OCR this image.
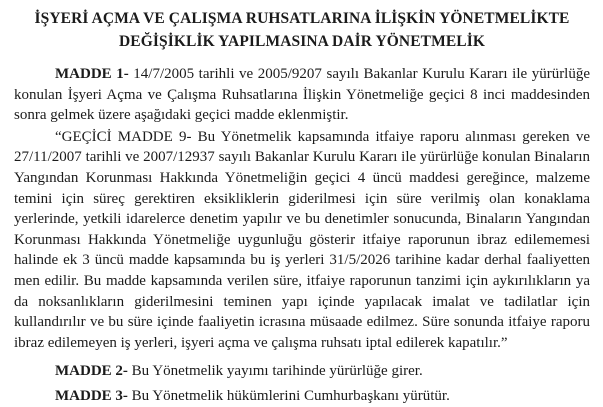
İŞYERİ AÇMA VE ÇALIŞMA RUHSATLARINA İLİŞKİN YÖNETMELİKTE
DEĞİŞİKLİK YAPILMASINA DAİR YÖNETMELİK

MADDE 1- 14/7/2005 tarihli ve 2005/9207 sayılı Bakanlar Kurulu Kararı ile yürürlüğe konulan İşyeri Açma ve Çalışma Ruhsatlarına İlişkin Yönetmeliğe geçici 8 inci maddesinden sonra gelmek üzere aşağıdaki geçici madde eklenmiştir.

“GEÇİCİ MADDE 9- Bu Yönetmelik kapsamında itfaiye raporu alınması gereken ve 27/11/2007 tarihli ve 2007/12937 sayılı Bakanlar Kurulu Kararı ile yürürlüğe konulan Binaların Yangından Korunması Hakkında Yönetmeliğin geçici 4 üncü maddesi gereğince, malzeme temini için süreç gerektiren eksikliklerin giderilmesi için süre verilmiş olan konaklama yerlerinde, yetkili idarelerce denetim yapılır ve bu denetimler sonucunda, Binaların Yangından Korunması Hakkında Yönetmeliğe uygunluğu gösterir itfaiye raporunun ibraz edilememesi halinde ek 3 üncü madde kapsamında bu iş yerleri 31/5/2026 tarihine kadar derhal faaliyetten men edilir. Bu madde kapsamında verilen süre, itfaiye raporunun tanzimi için aykırılıkların ya da noksanlıkların giderilmesini teminen yapı içinde yapılacak imalat ve tadilatlar için kullandırılır ve bu süre içinde faaliyetin icrasına müsaade edilmez. Süre sonunda itfaiye raporu ibraz edilemeyen iş yerleri, işyeri açma ve çalışma ruhsatı iptal edilerek kapatılır.”

MADDE 2- Bu Yönetmelik yayımı tarihinde yürürlüğe girer.

MADDE 3- Bu Yönetmelik hükümlerini Cumhurbaşkanı yürütür.
